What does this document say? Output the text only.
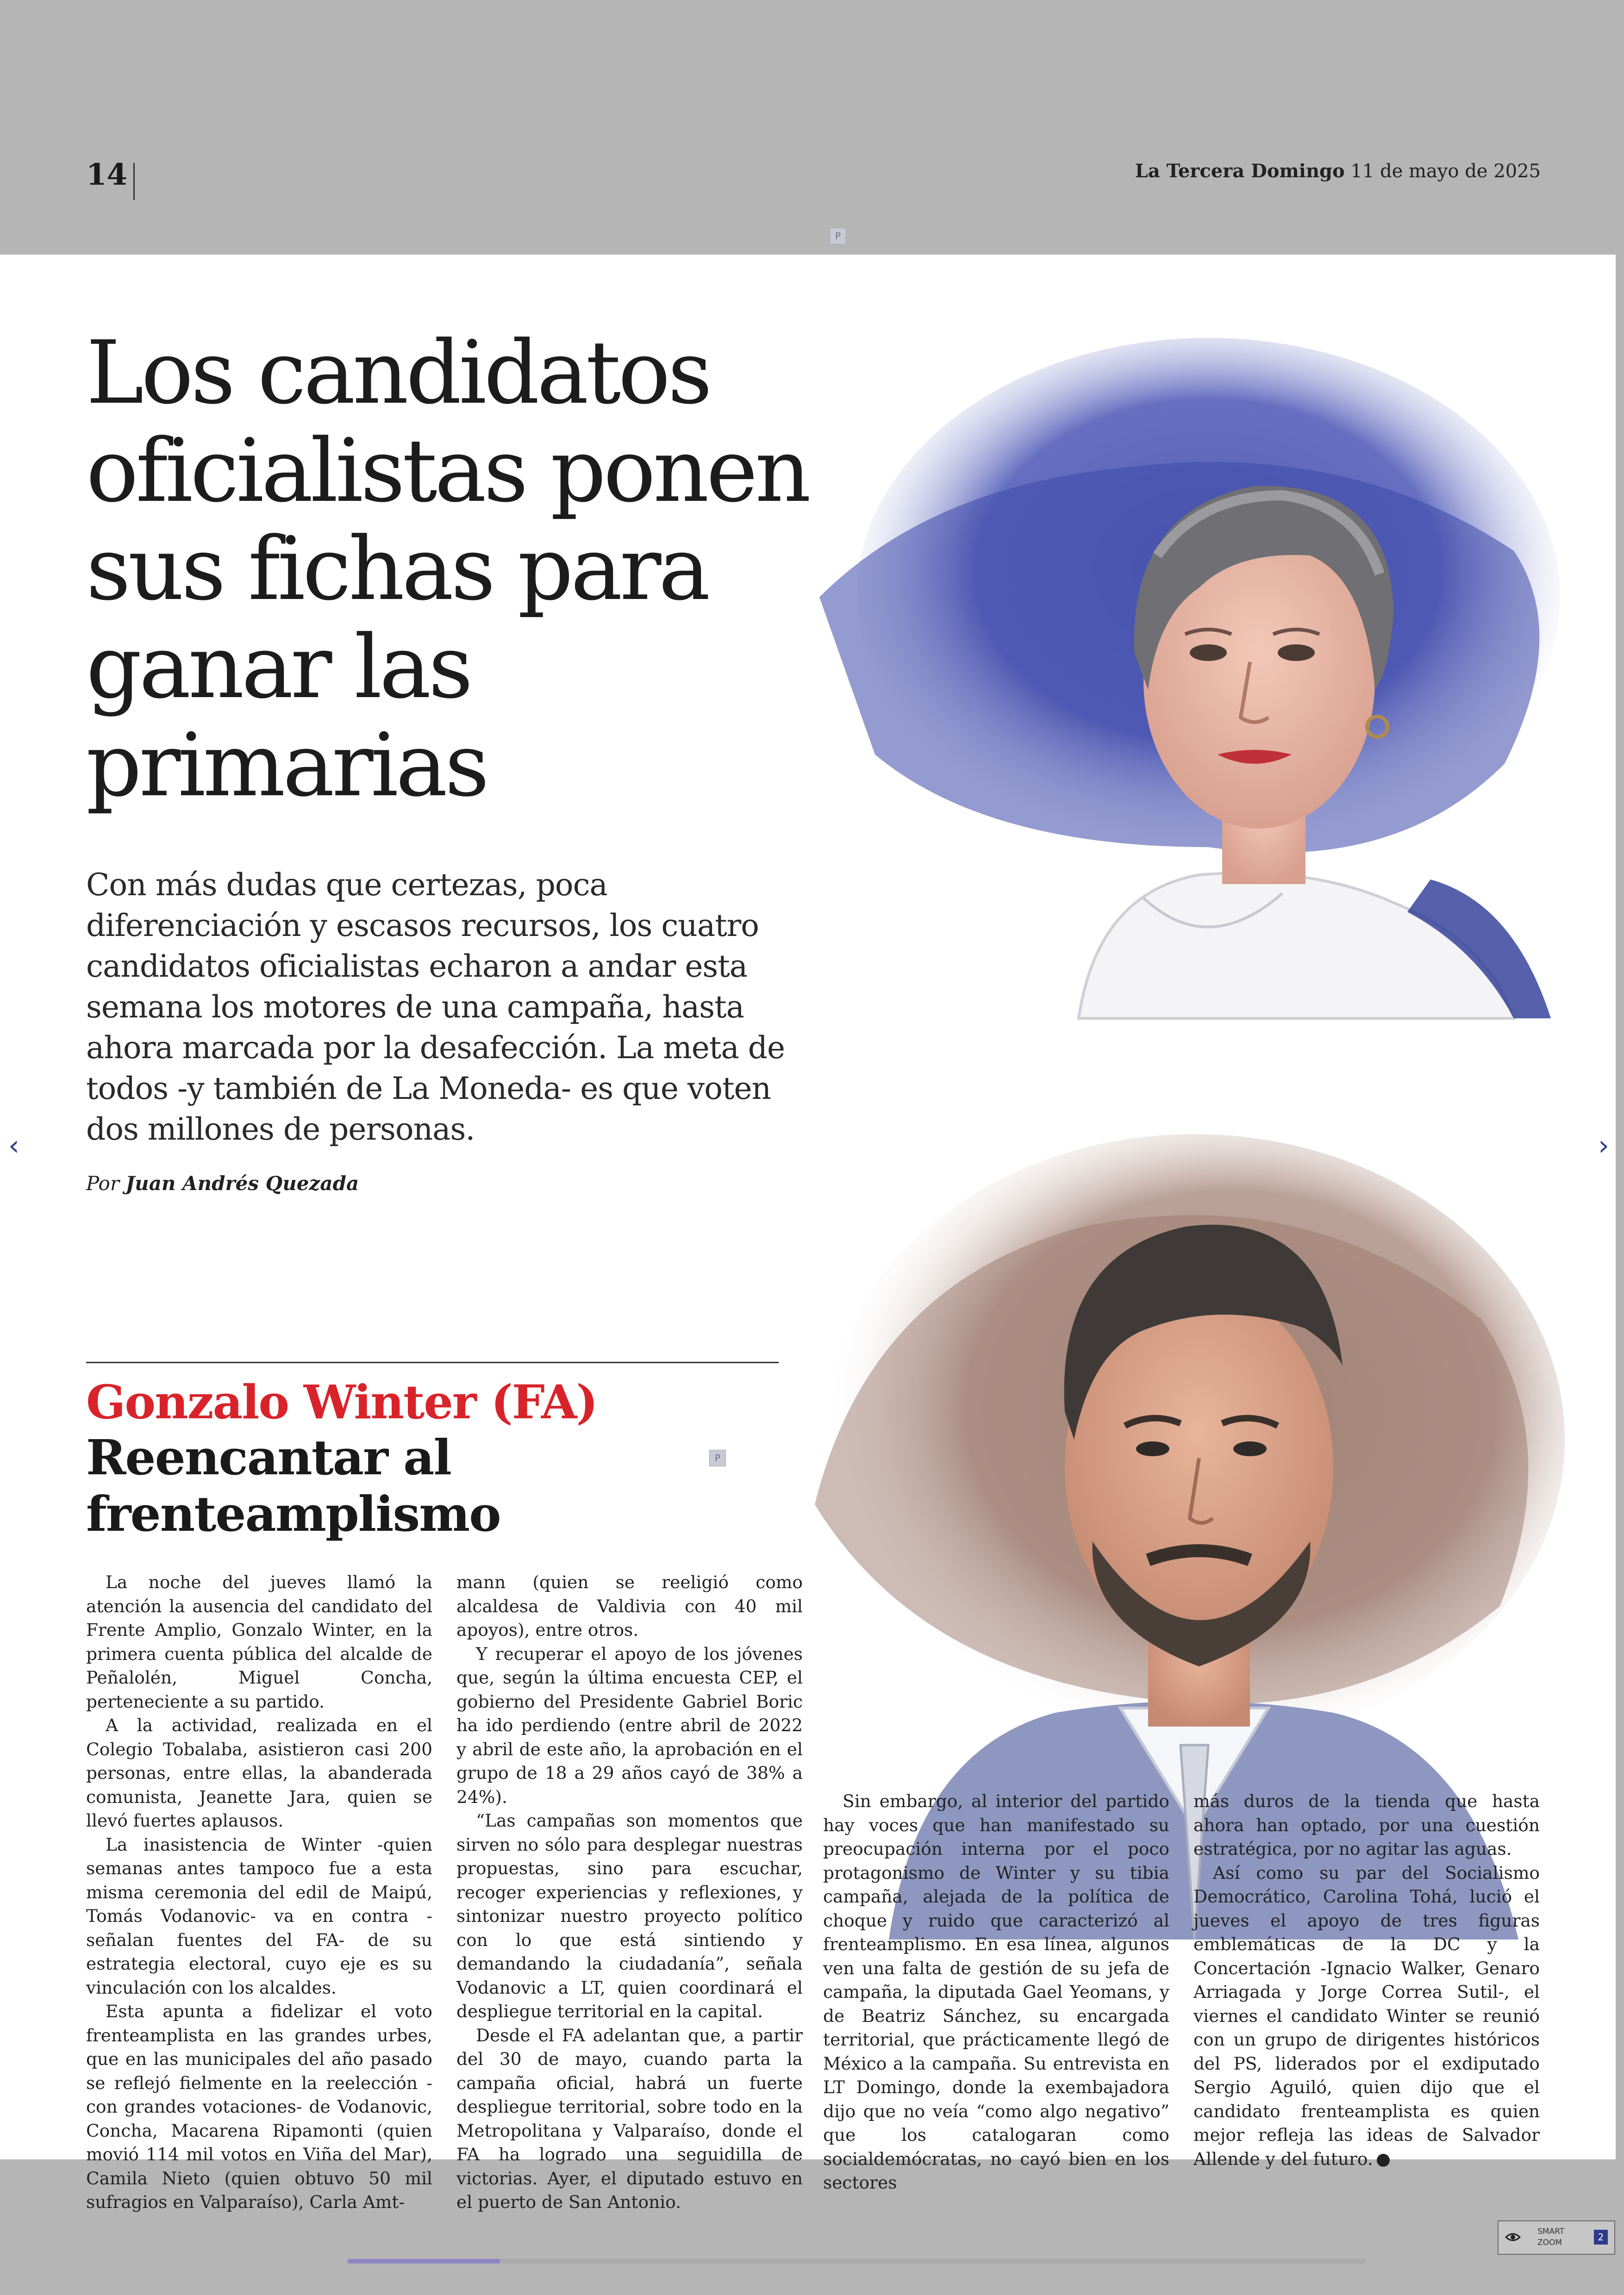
14	La Tercera Domingo 11 de mayo de 2025
P
Los candidatos oficialistas ponen sus fichas para ganar las primarias

Con más dudas que certezas, poca diferenciación y escasos recursos, los cuatro candidatos oficialistas echaron a andar esta semana los motores de una campaña, hasta ahora marcada por la desafección. La meta de todos -y también de La Moneda- es que voten dos millones de personas.

Por Juan Andrés Quezada
P
Gonzalo Winter (FA)
Reencantar al frenteamplismo

La noche del jueves llamó la atención la ausencia del candidato del Frente Amplio, Gonzalo Winter, en la primera cuenta pública del alcalde de Peñalolén, Miguel Concha, perteneciente a su partido.

A la actividad, realizada en el Colegio Tobalaba, asistieron casi 200 personas, entre ellas, la abanderada comunista, Jeanette Jara, quien se llevó fuertes aplausos.

La inasistencia de Winter -quien semanas antes tampoco fue a esta misma ceremonia del edil de Maipú, Tomás Vodanovic- va en contra -señalan fuentes del FA- de su estrategia electoral, cuyo eje es su vinculación con los alcaldes.

Esta apunta a fidelizar el voto frenteamplista en las grandes urbes, que en las municipales del año pasado se reflejó fielmente en la reelección -con grandes votaciones- de Vodanovic, Concha, Macarena Ripamonti (quien movió 114 mil votos en Viña del Mar), Camila Nieto (quien obtuvo 50 mil sufragios en Valparaíso), Carla Amt-

mann (quien se reeligió como alcaldesa de Valdivia con 40 mil apoyos), entre otros.

Y recuperar el apoyo de los jóvenes que, según la última encuesta CEP, el gobierno del Presidente Gabriel Boric ha ido perdiendo (entre abril de 2022 y abril de este año, la aprobación en el grupo de 18 a 29 años cayó de 38% a 24%).

“Las campañas son momentos que sirven no sólo para desplegar nuestras propuestas, sino para escuchar, recoger experiencias y reflexiones, y sintonizar nuestro proyecto político con lo que está sintiendo y demandando la ciudadanía”, señala Vodanovic a LT, quien coordinará el despliegue territorial en la capital.

Desde el FA adelantan que, a partir del 30 de mayo, cuando parta la campaña oficial, habrá un fuerte despliegue territorial, sobre todo en la Metropolitana y Valparaíso, donde el FA ha logrado una seguidilla de victorias. Ayer, el diputado estuvo en el puerto de San Antonio.

Sin embargo, al interior del partido hay voces que han manifestado su preocupación interna por el poco protagonismo de Winter y su tibia campaña, alejada de la política de choque y ruido que caracterizó al frenteamplismo. En esa línea, algunos ven una falta de gestión de su jefa de campaña, la diputada Gael Yeomans, y de Beatriz Sánchez, su encargada territorial, que prácticamente llegó de México a la campaña. Su entrevista en LT Domingo, donde la exembajadora dijo que no veía “como algo negativo” que los catalogaran como socialdemócratas, no cayó bien en los sectores

más duros de la tienda que hasta ahora han optado, por una cuestión estratégica, por no agitar las aguas.

Así como su par del Socialismo Democrático, Carolina Tohá, lució el jueves el apoyo de tres figuras emblemáticas de la DC y la Concertación -Ignacio Walker, Genaro Arriagada y Jorge Correa Sutil-, el viernes el candidato Winter se reunió con un grupo de dirigentes históricos del PS, liderados por el exdiputado Sergio Aguiló, quien dijo que el candidato frenteamplista es quien mejor refleja las ideas de Salvador Allende y del futuro.

‹	›
SMART
ZOOM	2
